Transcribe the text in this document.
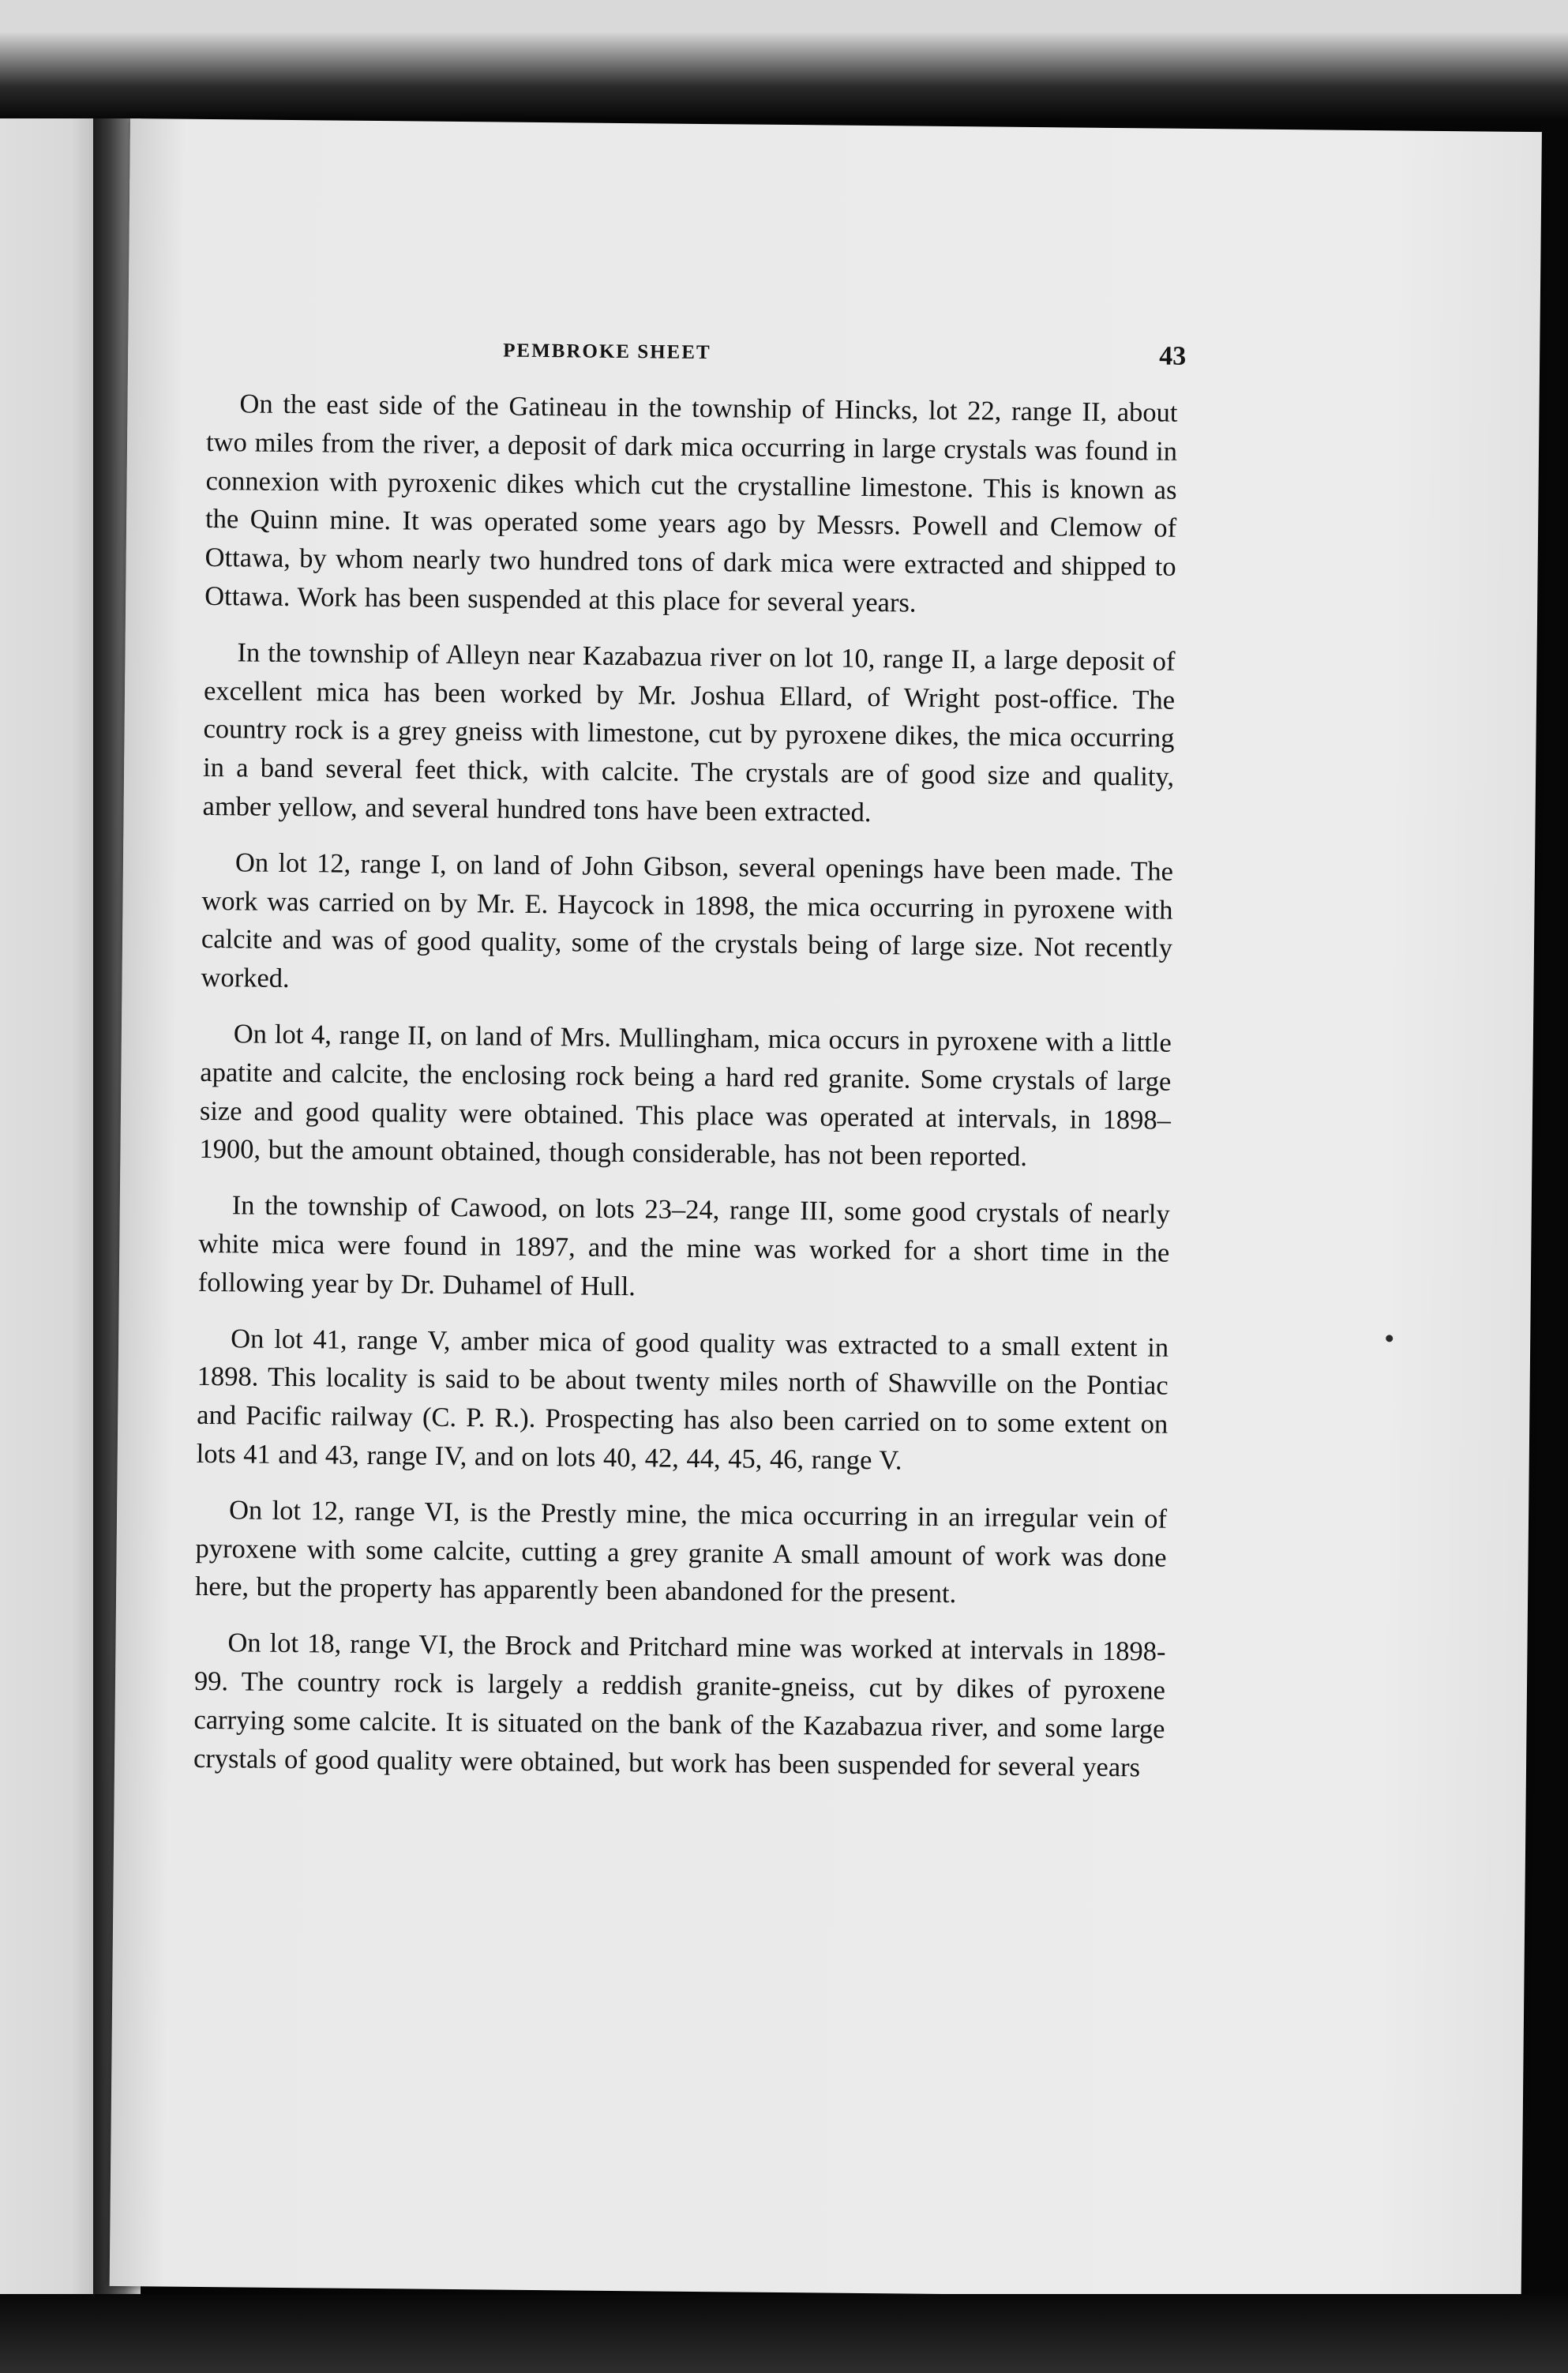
PEMBROKE SHEET	43

On the east side of the Gatineau in the township of Hincks, lot 22, range II, about two miles from the river, a deposit of dark mica occurring in large crystals was found in connexion with pyroxenic dikes which cut the crystalline limestone. This is known as the Quinn mine. It was operated some years ago by Messrs. Powell and Clemow of Ottawa, by whom nearly two hundred tons of dark mica were extracted and shipped to Ottawa. Work has been suspended at this place for several years.

In the township of Alleyn near Kazabazua river on lot 10, range II, a large deposit of excellent mica has been worked by Mr. Joshua Ellard, of Wright post-office. The country rock is a grey gneiss with limestone, cut by pyroxene dikes, the mica occurring in a band several feet thick, with calcite. The crystals are of good size and quality, amber yellow, and several hundred tons have been extracted.

On lot 12, range I, on land of John Gibson, several openings have been made. The work was carried on by Mr. E. Haycock in 1898, the mica occurring in pyroxene with calcite and was of good quality, some of the crystals being of large size. Not recently worked.

On lot 4, range II, on land of Mrs. Mullingham, mica occurs in pyroxene with a little apatite and calcite, the enclosing rock being a hard red granite. Some crystals of large size and good quality were obtained. This place was operated at intervals, in 1898–1900, but the amount obtained, though considerable, has not been reported.

In the township of Cawood, on lots 23–24, range III, some good crystals of nearly white mica were found in 1897, and the mine was worked for a short time in the following year by Dr. Duhamel of Hull.

On lot 41, range V, amber mica of good quality was extracted to a small extent in 1898. This locality is said to be about twenty miles north of Shawville on the Pontiac and Pacific railway (C. P. R.). Prospecting has also been carried on to some extent on lots 41 and 43, range IV, and on lots 40, 42, 44, 45, 46, range V.

On lot 12, range VI, is the Prestly mine, the mica occurring in an irregular vein of pyroxene with some calcite, cutting a grey granite A small amount of work was done here, but the property has apparently been abandoned for the present.

On lot 18, range VI, the Brock and Pritchard mine was worked at intervals in 1898-99. The country rock is largely a reddish granite-gneiss, cut by dikes of pyroxene carrying some calcite. It is situated on the bank of the Kazabazua river, and some large crystals of good quality were obtained, but work has been suspended for several years
